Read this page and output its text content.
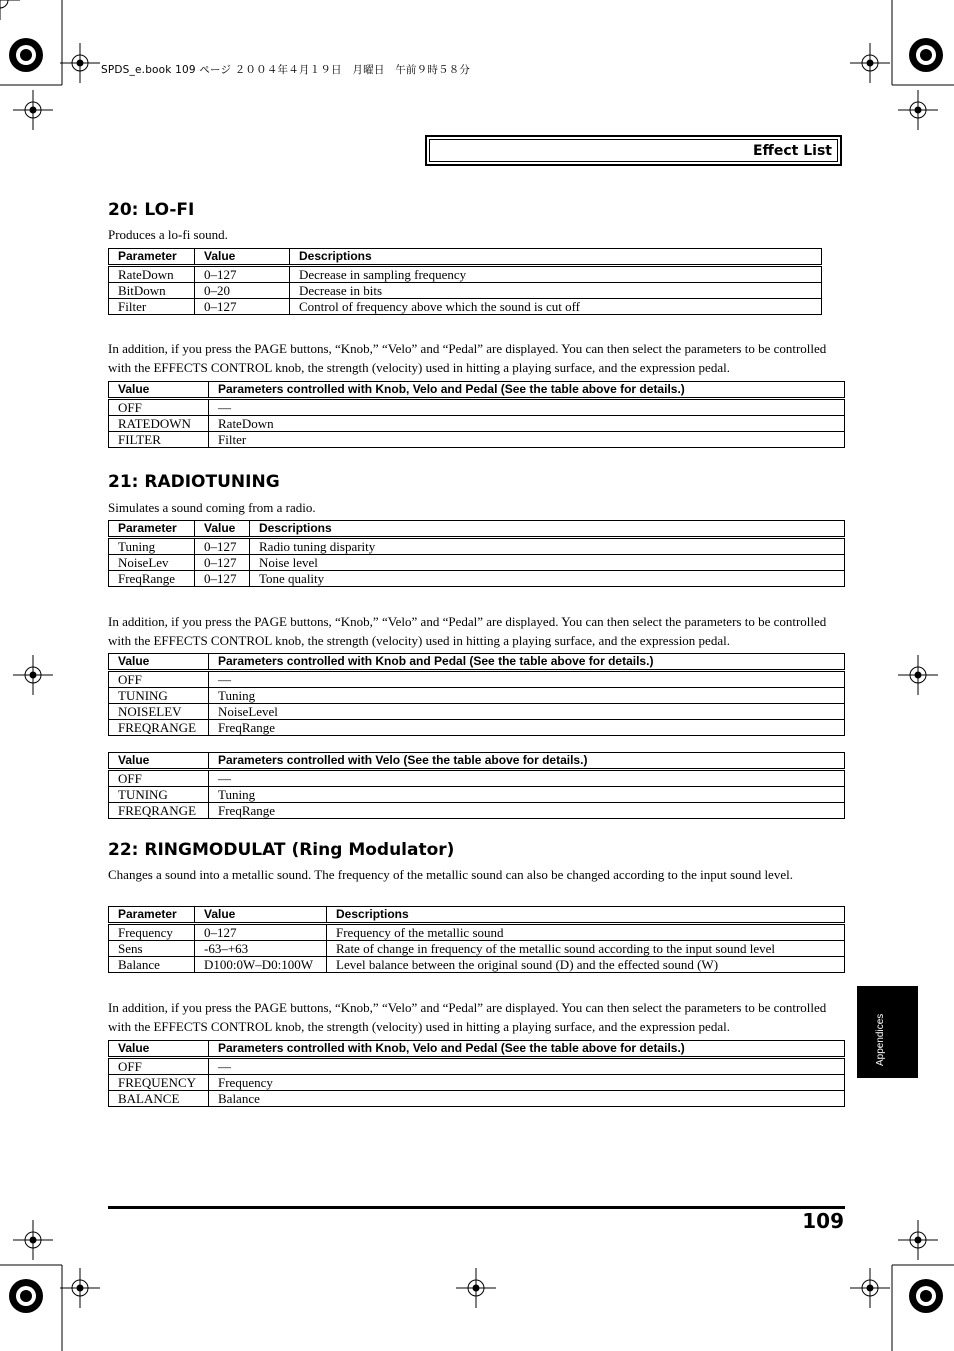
SPDS_e.book 109 ページ ２００４年４月１９日　月曜日　午前９時５８分
Effect List
20: LO-FI
Produces a lo-fi sound.
Parameter	Value	Descriptions
RateDown	0–127	Decrease in sampling frequency
BitDown	0–20	Decrease in bits
Filter	0–127	Control of frequency above which the sound is cut off
In addition, if you press the PAGE buttons, “Knob,” “Velo” and “Pedal” are displayed. You can then select the parameters to be controlled with the EFFECTS CONTROL knob, the strength (velocity) used in hitting a playing surface, and the expression pedal.
Value	Parameters controlled with Knob, Velo and Pedal (See the table above for details.)
OFF	—
RATEDOWN	RateDown
FILTER	Filter
21: RADIOTUNING
Simulates a sound coming from a radio.
Parameter	Value	Descriptions
Tuning	0–127	Radio tuning disparity
NoiseLev	0–127	Noise level
FreqRange	0–127	Tone quality
In addition, if you press the PAGE buttons, “Knob,” “Velo” and “Pedal” are displayed. You can then select the parameters to be controlled with the EFFECTS CONTROL knob, the strength (velocity) used in hitting a playing surface, and the expression pedal.
Value	Parameters controlled with Knob and Pedal (See the table above for details.)
OFF	—
TUNING	Tuning
NOISELEV	NoiseLevel
FREQRANGE	FreqRange
Value	Parameters controlled with Velo (See the table above for details.)
OFF	—
TUNING	Tuning
FREQRANGE	FreqRange
22: RINGMODULAT (Ring Modulator)
Changes a sound into a metallic sound. The frequency of the metallic sound can also be changed according to the input sound level.
Parameter	Value	Descriptions
Frequency	0–127	Frequency of the metallic sound
Sens	-63–+63	Rate of change in frequency of the metallic sound according to the input sound level
Balance	D100:0W–D0:100W	Level balance between the original sound (D) and the effected sound (W)
In addition, if you press the PAGE buttons, “Knob,” “Velo” and “Pedal” are displayed. You can then select the parameters to be controlled with the EFFECTS CONTROL knob, the strength (velocity) used in hitting a playing surface, and the expression pedal.
Value	Parameters controlled with Knob, Velo and Pedal (See the table above for details.)
OFF	—
FREQUENCY	Frequency
BALANCE	Balance
Appendices
109
